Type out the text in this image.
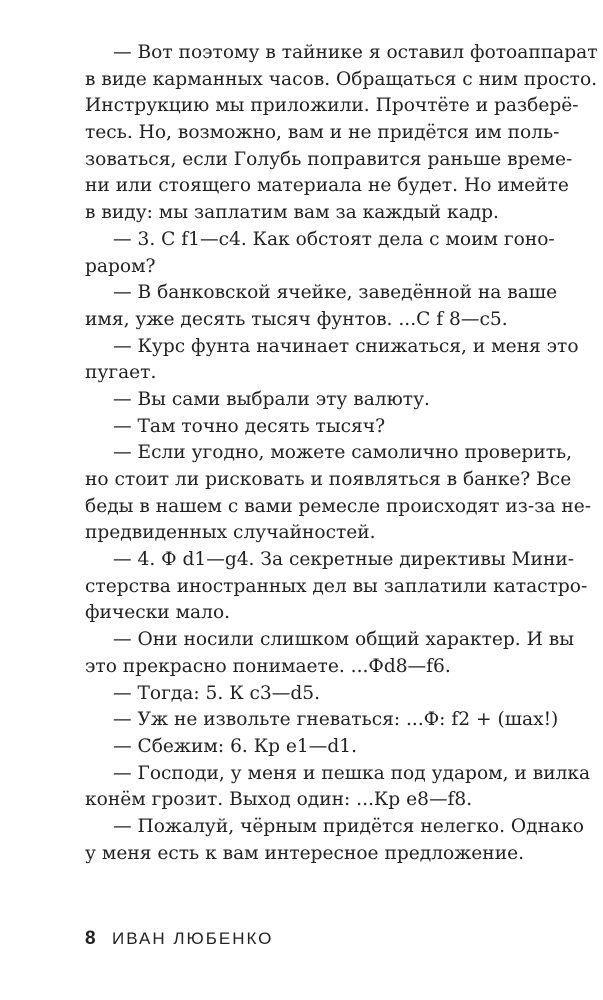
— Вот поэтому в тайнике я оставил фотоаппарат
в виде карманных часов. Обращаться с ним просто.
Инструкцию мы приложили. Прочтёте и разберё-
тесь. Но, возможно, вам и не придётся им поль-
зоваться, если Голубь поправится раньше време-
ни или стоящего материала не будет. Но имейте
в виду: мы заплатим вам за каждый кадр.
— 3. С f1—c4. Как обстоят дела с моим гоно-
раром?
— В банковской ячейке, заведённой на ваше
имя, уже десять тысяч фунтов. ...С f 8—c5.
— Курс фунта начинает снижаться, и меня это
пугает.
— Вы сами выбрали эту валюту.
— Там точно десять тысяч?
— Если угодно, можете самолично проверить,
но стоит ли рисковать и появляться в банке? Все
беды в нашем с вами ремесле происходят из-за не-
предвиденных случайностей.
— 4. Ф d1—g4. За секретные директивы Мини-
стерства иностранных дел вы заплатили катастро-
фически мало.
— Они носили слишком общий характер. И вы
это прекрасно понимаете. ...Фd8—f6.
— Тогда: 5. К c3—d5.
— Уж не извольте гневаться: ...Ф: f2 + (шах!)
— Сбежим: 6. Кр e1—d1.
— Господи, у меня и пешка под ударом, и вилка
конём грозит. Выход один: ...Кр e8—f8.
— Пожалуй, чёрным придётся нелегко. Однако
у меня есть к вам интересное предложение.
8 ИВАН ЛЮБЕНКО
